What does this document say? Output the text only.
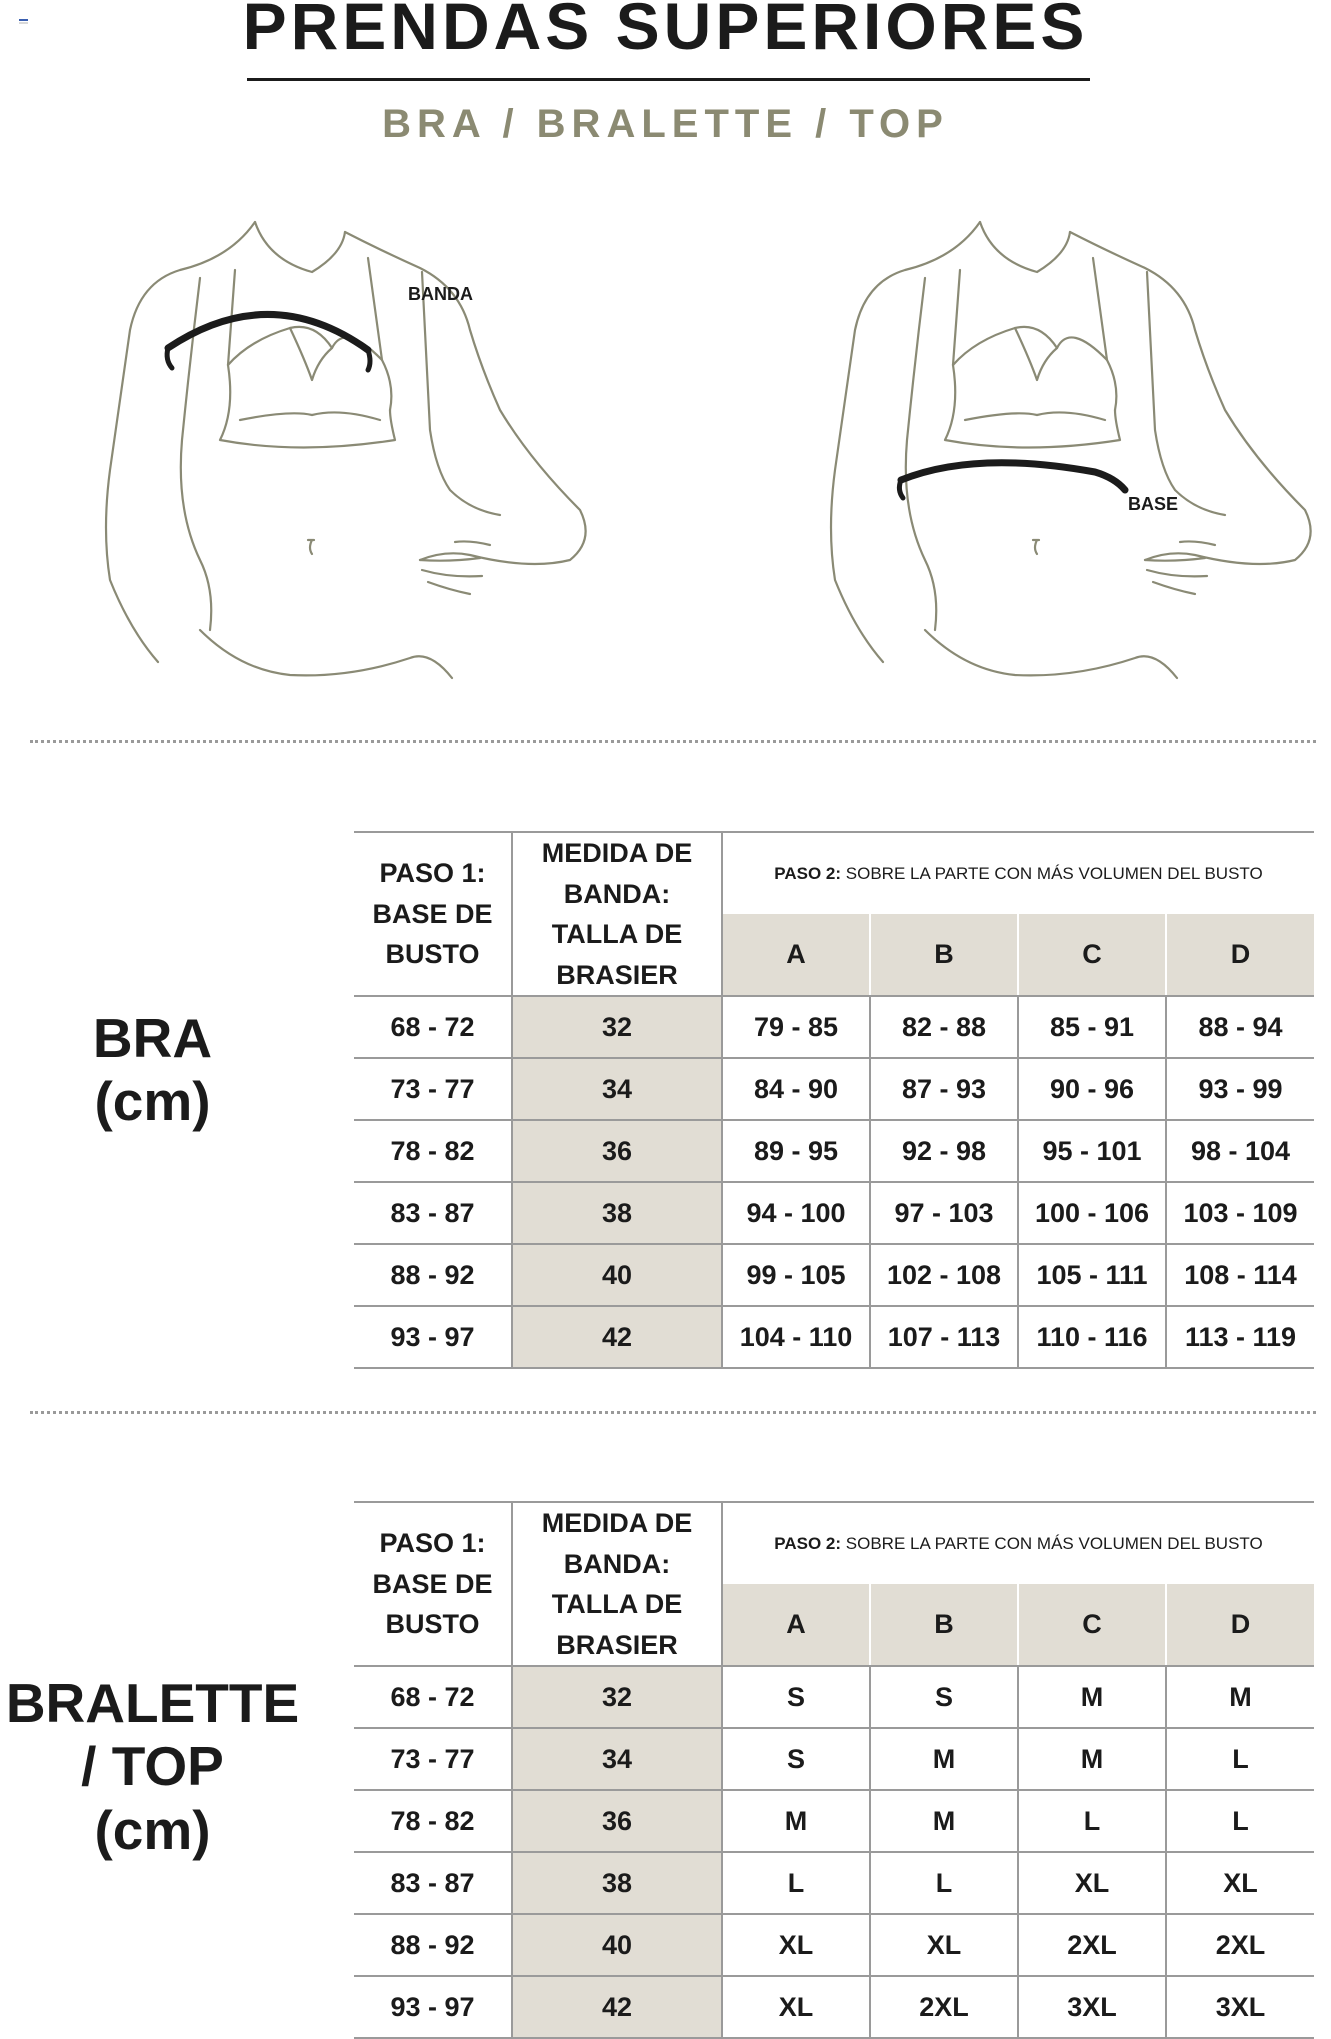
PRENDAS SUPERIORES
BRA / BRALETTE / TOP
BANDA
BASE
BRA
(cm)
PASO 1:
BASE DE
BUSTO	MEDIDA DE BANDA:
TALLA DE BRASIER	PASO 2: SOBRE LA PARTE CON MÁS VOLUMEN DEL BUSTO			
		A	B	C	D
68 - 72	32	79 - 85	82 - 88	85 - 91	88 - 94
73 - 77	34	84 - 90	87 - 93	90 - 96	93 - 99
78 - 82	36	89 - 95	92 - 98	95 - 101	98 - 104
83 - 87	38	94 - 100	97 - 103	100 - 106	103 - 109
88 - 92	40	99 - 105	102 - 108	105 - 111	108 - 114
93 - 97	42	104 - 110	107 - 113	110 - 116	113 - 119
BRALETTE
/ TOP
(cm)
PASO 1:
BASE DE
BUSTO	MEDIDA DE BANDA:
TALLA DE BRASIER	PASO 2: SOBRE LA PARTE CON MÁS VOLUMEN DEL BUSTO			
		A	B	C	D
68 - 72	32	S	S	M	M
73 - 77	34	S	M	M	L
78 - 82	36	M	M	L	L
83 - 87	38	L	L	XL	XL
88 - 92	40	XL	XL	2XL	2XL
93 - 97	42	XL	2XL	3XL	3XL
